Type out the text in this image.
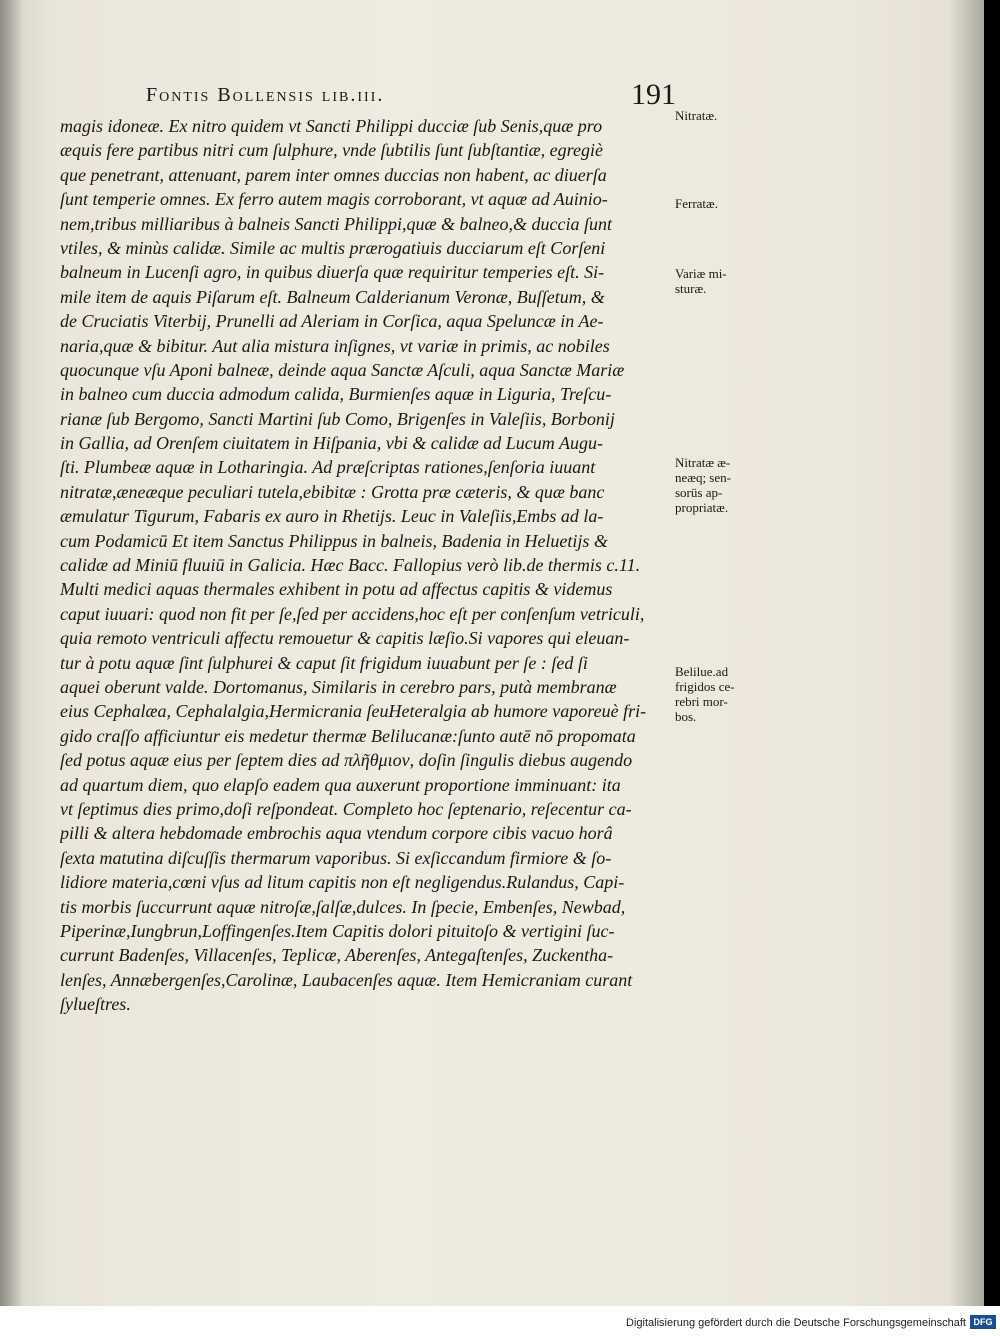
Fontis Bollensis lib.iii.	191
magis idoneæ. Ex nitro quidem vt Sancti Philippi ducciæ ſub Senis,quæ pro
æquis fere partibus nitri cum ſulphure, vnde ſubtilis ſunt ſubſtantiæ, egregiè
que penetrant, attenuant, parem inter omnes duccias non habent, ac diuerſa
ſunt temperie omnes. Ex ferro autem magis corroborant, vt aquæ ad Auinio-
nem,tribus milliaribus à balneis Sancti Philippi,quæ & balneo,& duccia ſunt
vtiles, & minùs calidæ. Simile ac multis prærogatiuis ducciarum eſt Corſeni
balneum in Lucenſi agro, in quibus diuerſa quæ requiritur temperies eſt. Si-
mile item de aquis Piſarum eſt. Balneum Calderianum Veronæ, Buſſetum, &
de Cruciatis Viterbij, Prunelli ad Aleriam in Corſica, aqua Speluncæ in Ae-
naria,quæ & bibitur. Aut alia mistura inſignes, vt variæ in primis, ac nobiles
quocunque vſu Aponi balneæ, deinde aqua Sanctæ Aſculi, aqua Sanctæ Mariæ
in balneo cum duccia admodum calida, Burmienſes aquæ in Liguria, Treſcu-
rianæ ſub Bergomo, Sancti Martini ſub Como, Brigenſes in Valeſiis, Borbonij
in Gallia, ad Orenſem ciuitatem in Hiſpania, vbi & calidæ ad Lucum Augu-
ſti. Plumbeæ aquæ in Lotharingia. Ad præſcriptas rationes,ſenſoria iuuant
nitratæ,æneæque peculiari tutela,ebibitæ : Grotta præ cæteris, & quæ banc
æmulatur Tigurum, Fabaris ex auro in Rhetijs. Leuc in Valeſiis,Embs ad la-
cum Podamicū Et item Sanctus Philippus in balneis, Badenia in Heluetijs &
calidæ ad Miniū fluuiū in Galicia. Hæc Bacc. Fallopius verò lib.de thermis c.11.
Multi medici aquas thermales exhibent in potu ad affectus capitis & videmus
caput iuuari: quod non fit per ſe,ſed per accidens,hoc eſt per conſenſum vetriculi,
quia remoto ventriculi affectu remouetur & capitis læſio.Si vapores qui eleuan-
tur à potu aquæ ſint ſulphurei & caput ſit frigidum iuuabunt per ſe : ſed ſi
aquei oberunt valde. Dortomanus, Similaris in cerebro pars, putà membranæ
eius Cephalæa, Cephalalgia,Hermicrania ſeuHeteralgia ab humore vaporeuè fri-
gido craſſo afficiuntur eis medetur thermæ Belilucanæ:ſunto autē nō propomata
ſed potus aquæ eius per ſeptem dies ad πλῆθμιον, doſin ſingulis diebus augendo
ad quartum diem, quo elapſo eadem qua auxerunt proportione imminuant: ita
vt ſeptimus dies primo,doſi reſpondeat. Completo hoc ſeptenario, reſecentur ca-
pilli & altera hebdomade embrochis aqua vtendum corpore cibis vacuo horâ
ſexta matutina diſcuſſis thermarum vaporibus. Si exſiccandum firmiore & ſo-
lidiore materia,cœni vſus ad litum capitis non eſt negligendus.Rulandus, Capi-
tis morbis ſuccurrunt aquæ nitroſæ,ſalſæ,dulces. In ſpecie, Embenſes, Newbad,
Piperinæ,Iungbrun,Loffingenſes.Item Capitis dolori pituitoſo & vertigini ſuc-
currunt Badenſes, Villacenſes, Teplicæ, Aberenſes, Antegaſtenſes, Zuckentha-
lenſes, Annæbergenſes,Carolinæ, Laubacenſes aquæ. Item Hemicraniam curant
ſylueſtres.
Nitratæ.
Ferratæ.
Variæ mi- sturæ.
Nitratæ æ- neæq; sen- sorüs ap- propriatæ.
Belilue.ad frigidos ce- rebri mor- bos.
Digitalisierung gefördert durch die Deutsche Forschungsgemeinschaft DFG
